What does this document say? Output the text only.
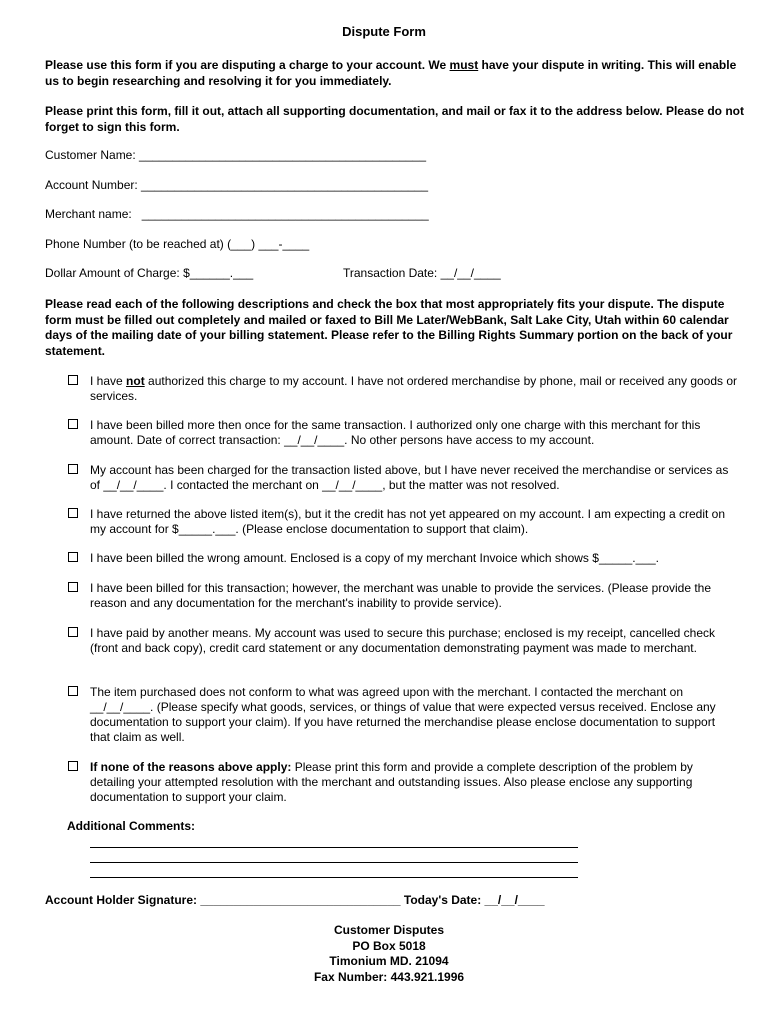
Dispute Form
Please use this form if you are disputing a charge to your account. We must have your dispute in writing. This will enable us to begin researching and resolving it for you immediately.
Please print this form, fill it out, attach all supporting documentation, and mail or fax it to the address below. Please do not forget to sign this form.
Customer Name: ___________________________________________
Account Number: ___________________________________________
Merchant name:   ___________________________________________
Phone Number (to be reached at) (___) ___-____
Dollar Amount of Charge: $______.___	Transaction Date: __/__/____
Please read each of the following descriptions and check the box that most appropriately fits your dispute. The dispute form must be filled out completely and mailed or faxed to Bill Me Later/WebBank, Salt Lake City, Utah within 60 calendar days of the mailing date of your billing statement. Please refer to the Billing Rights Summary portion on the back of your statement.
I have not authorized this charge to my account. I have not ordered merchandise by phone, mail or received any goods or services.
I have been billed more then once for the same transaction. I authorized only one charge with this merchant for this amount. Date of correct transaction: __/__/____. No other persons have access to my account.
My account has been charged for the transaction listed above, but I have never received the merchandise or services as of __/__/____. I contacted the merchant on __/__/____, but the matter was not resolved.
I have returned the above listed item(s), but it the credit has not yet appeared on my account. I am expecting a credit on my account for $_____.___. (Please enclose documentation to support that claim).
I have been billed the wrong amount. Enclosed is a copy of my merchant Invoice which shows $_____.___.
I have been billed for this transaction; however, the merchant was unable to provide the services. (Please provide the reason and any documentation for the merchant's inability to provide service).
I have paid by another means. My account was used to secure this purchase; enclosed is my receipt, cancelled check (front and back copy), credit card statement or any documentation demonstrating payment was made to merchant.
The item purchased does not conform to what was agreed upon with the merchant. I contacted the merchant on __/__/____. (Please specify what goods, services, or things of value that were expected versus received. Enclose any documentation to support your claim). If you have returned the merchandise please enclose documentation to support that claim as well.
If none of the reasons above apply: Please print this form and provide a complete description of the problem by detailing your attempted resolution with the merchant and outstanding issues. Also please enclose any supporting documentation to support your claim.
Additional Comments:
Account Holder Signature: ______________________________ Today's Date: __/__/____
Customer Disputes
PO Box 5018
Timonium MD. 21094
Fax Number: 443.921.1996
